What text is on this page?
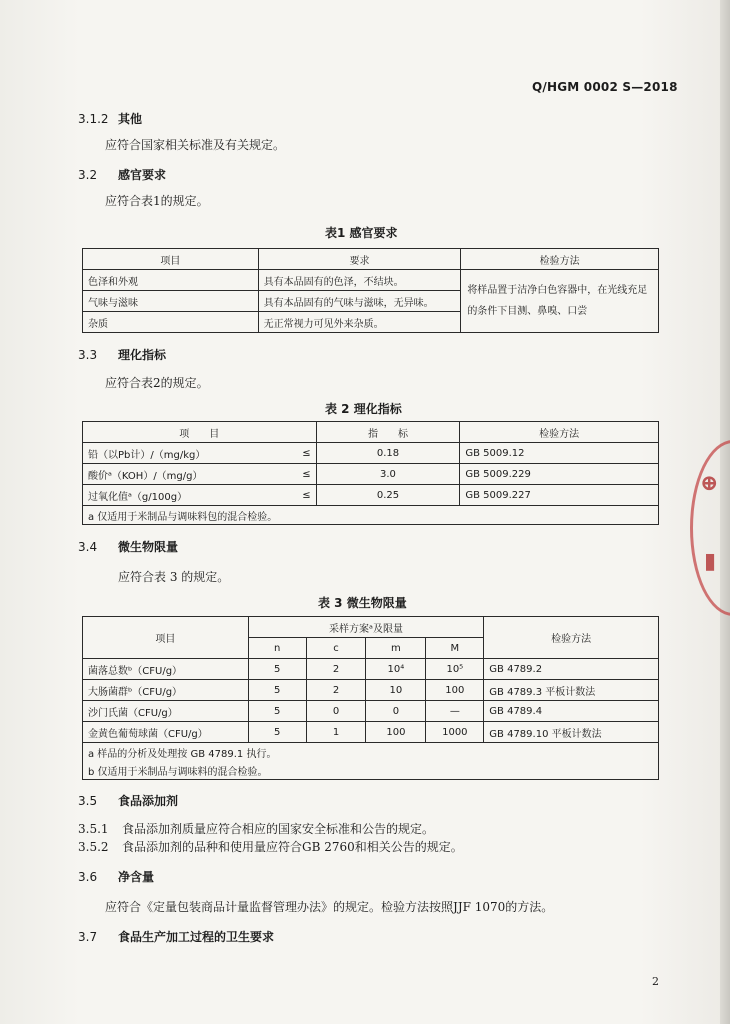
Q/HGM 0002 S—2018
3.1.2 其他
应符合国家相关标准及有关规定。
3.2 感官要求
应符合表1的规定。
表1 感官要求
项目	要求	检验方法
色泽和外观	具有本品固有的色泽，不结块。	将样品置于洁净白色容器中，在光线充足的条件下目测、鼻嗅、口尝
气味与滋味	具有本品固有的气味与滋味，无异味。	
杂质	无正常视力可见外来杂质。	
3.3 理化指标
应符合表2的规定。
表 2 理化指标
项　　目		指　　标	检验方法
铅（以Pb计）/（mg/kg）	≤	0.18	GB 5009.12
酸价ᵃ（KOH）/（mg/g）	≤	3.0	GB 5009.229
过氧化值ᵃ（g/100g）	≤	0.25	GB 5009.227
a 仅适用于米制品与调味料包的混合检验。			
3.4 微生物限量
应符合表 3 的规定。
表 3 微生物限量
项目	采样方案ᵃ及限量				检验方法
	n	c	m	M	
菌落总数ᵇ（CFU/g）	5	2	10⁴	10⁵	GB 4789.2
大肠菌群ᵇ（CFU/g）	5	2	10	100	GB 4789.3 平板计数法
沙门氏菌（CFU/g）	5	0	0	—	GB 4789.4
金黄色葡萄球菌（CFU/g）	5	1	100	1000	GB 4789.10 平板计数法
a 样品的分析及处理按 GB 4789.1 执行。					
b 仅适用于米制品与调味料的混合检验。					
3.5 食品添加剂
3.5.1 食品添加剂质量应符合相应的国家安全标准和公告的规定。
3.5.2 食品添加剂的品种和使用量应符合GB 2760和相关公告的规定。
3.6 净含量
应符合《定量包装商品计量监督管理办法》的规定。检验方法按照JJF 1070的方法。
3.7 食品生产加工过程的卫生要求
⊕
▮
2
